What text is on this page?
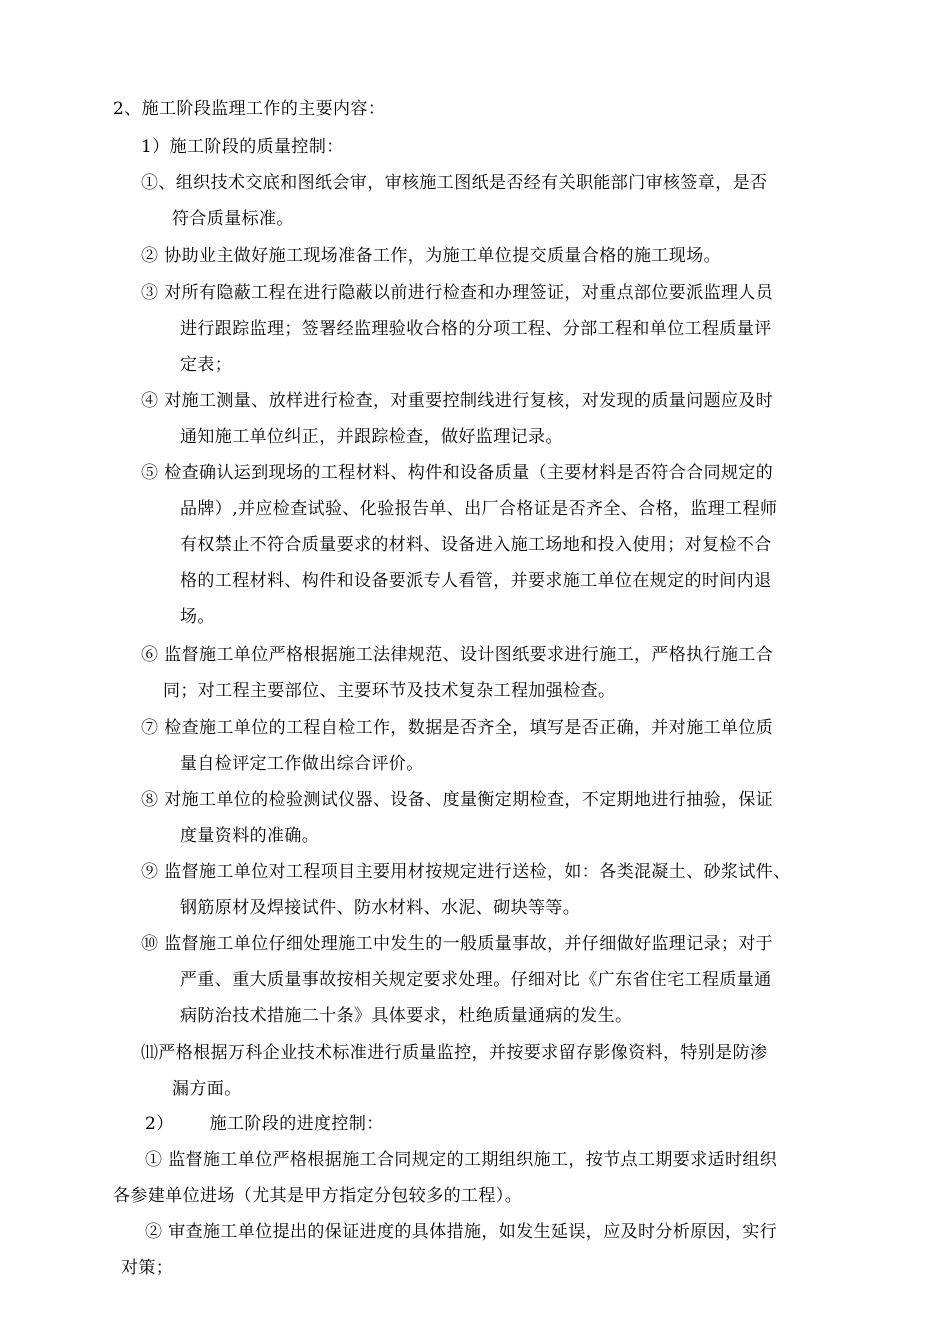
2、施工阶段监理工作的主要内容：
1）施工阶段的质量控制：
①、组织技术交底和图纸会审，审核施工图纸是否经有关职能部门审核签章，是否
符合质量标准。
② 协助业主做好施工现场准备工作，为施工单位提交质量合格的施工现场。
③ 对所有隐蔽工程在进行隐蔽以前进行检查和办理签证，对重点部位要派监理人员
进行跟踪监理；签署经监理验收合格的分项工程、分部工程和单位工程质量评
定表；
④ 对施工测量、放样进行检查，对重要控制线进行复核，对发现的质量问题应及时
通知施工单位纠正，并跟踪检查，做好监理记录。
⑤ 检查确认运到现场的工程材料、构件和设备质量（主要材料是否符合合同规定的
品牌）,并应检查试验、化验报告单、出厂合格证是否齐全、合格，监理工程师
有权禁止不符合质量要求的材料、设备进入施工场地和投入使用；对复检不合
格的工程材料、构件和设备要派专人看管，并要求施工单位在规定的时间内退
场。
⑥ 监督施工单位严格根据施工法律规范、设计图纸要求进行施工，严格执行施工合
同；对工程主要部位、主要环节及技术复杂工程加强检查。
⑦ 检查施工单位的工程自检工作，数据是否齐全，填写是否正确，并对施工单位质
量自检评定工作做出综合评价。
⑧ 对施工单位的检验测试仪器、设备、度量衡定期检查，不定期地进行抽验，保证
度量资料的准确。
⑨ 监督施工单位对工程项目主要用材按规定进行送检，如：各类混凝土、砂浆试件、
钢筋原材及焊接试件、防水材料、水泥、砌块等等。
⑩ 监督施工单位仔细处理施工中发生的一般质量事故，并仔细做好监理记录；对于
严重、重大质量事故按相关规定要求处理。仔细对比《广东省住宅工程质量通
病防治技术措施二十条》具体要求，杜绝质量通病的发生。
⑾严格根据万科企业技术标准进行质量监控，并按要求留存影像资料，特别是防渗
漏方面。
2） 施工阶段的进度控制：
① 监督施工单位严格根据施工合同规定的工期组织施工，按节点工期要求适时组织
各参建单位进场（尤其是甲方指定分包较多的工程）。
② 审查施工单位提出的保证进度的具体措施，如发生延误，应及时分析原因，实行
对策；
